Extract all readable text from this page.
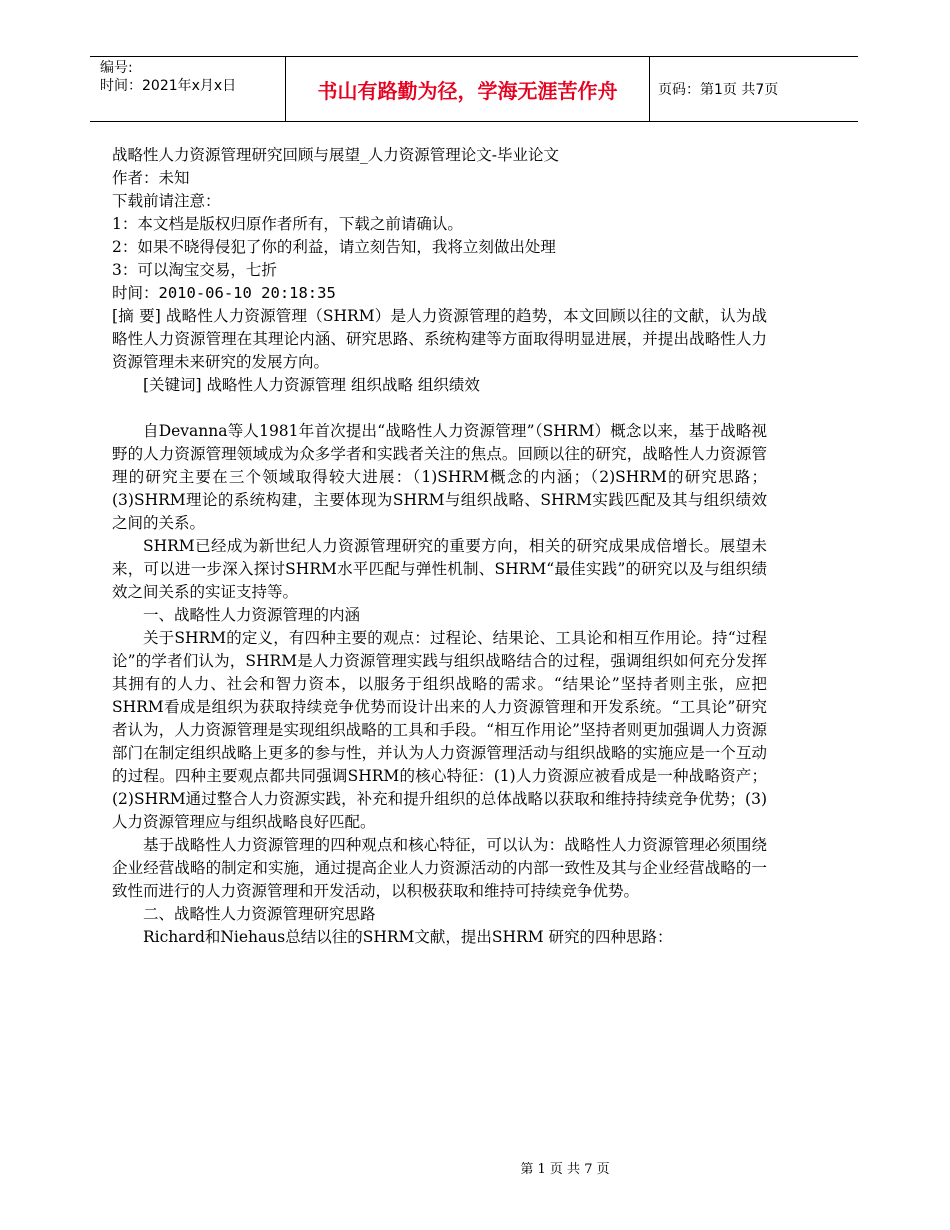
编号:
时间：2021年x月x日	书山有路勤为径，学海无涯苦作舟	页码：第1页 共7页
战略性人力资源管理研究回顾与展望_人力资源管理论文-毕业论文
作者：未知
下载前请注意：
1：本文档是版权归原作者所有，下载之前请确认。
2：如果不晓得侵犯了你的利益，请立刻告知，我将立刻做出处理
3：可以淘宝交易，七折
时间：2010-06-10 20:18:35

[摘 要] 战略性人力资源管理（SHRM）是人力资源管理的趋势，本文回顾以往的文献，认为战略性人力资源管理在其理论内涵、研究思路、系统构建等方面取得明显进展，并提出战略性人力资源管理未来研究的发展方向。

[关键词] 战略性人力资源管理 组织战略 组织绩效

自Devanna等人1981年首次提出“战略性人力资源管理”（SHRM）概念以来，基于战略视野的人力资源管理领域成为众多学者和实践者关注的焦点。回顾以往的研究，战略性人力资源管理的研究主要在三个领域取得较大进展：（1)SHRM概念的内涵；（2)SHRM的研究思路；(3)SHRM理论的系统构建，主要体现为SHRM与组织战略、SHRM实践匹配及其与组织绩效之间的关系。

SHRM已经成为新世纪人力资源管理研究的重要方向，相关的研究成果成倍增长。展望未来，可以进一步深入探讨SHRM水平匹配与弹性机制、SHRM“最佳实践”的研究以及与组织绩效之间关系的实证支持等。

一、战略性人力资源管理的内涵

关于SHRM的定义，有四种主要的观点：过程论、结果论、工具论和相互作用论。持“过程论”的学者们认为，SHRM是人力资源管理实践与组织战略结合的过程，强调组织如何充分发挥其拥有的人力、社会和智力资本，以服务于组织战略的需求。“结果论”坚持者则主张，应把SHRM看成是组织为获取持续竞争优势而设计出来的人力资源管理和开发系统。“工具论”研究者认为，人力资源管理是实现组织战略的工具和手段。“相互作用论”坚持者则更加强调人力资源部门在制定组织战略上更多的参与性，并认为人力资源管理活动与组织战略的实施应是一个互动的过程。四种主要观点都共同强调SHRM的核心特征：(1)人力资源应被看成是一种战略资产；(2)SHRM通过整合人力资源实践，补充和提升组织的总体战略以获取和维持持续竞争优势；(3)人力资源管理应与组织战略良好匹配。

基于战略性人力资源管理的四种观点和核心特征，可以认为：战略性人力资源管理必须围绕企业经营战略的制定和实施，通过提高企业人力资源活动的内部一致性及其与企业经营战略的一致性而进行的人力资源管理和开发活动，以积极获取和维持可持续竞争优势。

二、战略性人力资源管理研究思路

Richard和Niehaus总结以往的SHRM文献，提出SHRM 研究的四种思路：

第 1 页 共 7 页
